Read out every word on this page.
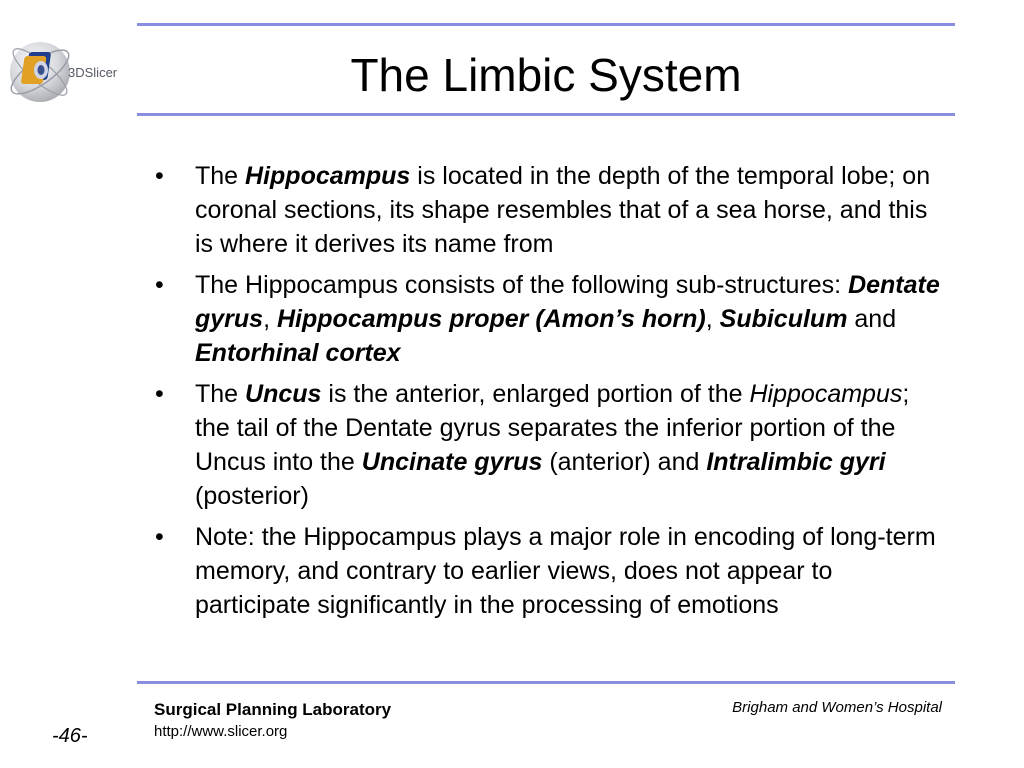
3DSlicer	The Limbic System
•	The Hippocampus is located in the depth of the temporal lobe; on coronal sections, its shape resembles that of a sea horse, and this is where it derives its name from
•	The Hippocampus consists of the following sub-structures: Dentate gyrus, Hippocampus proper (Amon’s horn), Subiculum and Entorhinal cortex
•	The Uncus is the anterior, enlarged portion of the Hippocampus; the tail of the Dentate gyrus separates the inferior portion of the Uncus into the Uncinate gyrus (anterior) and Intralimbic gyri (posterior)
•	Note: the Hippocampus plays a major role in encoding of long-term memory, and contrary to earlier views, does not appear to participate significantly in the processing of emotions
Surgical Planning Laboratory
http://www.slicer.org
Brigham and Women’s Hospital
-46-
